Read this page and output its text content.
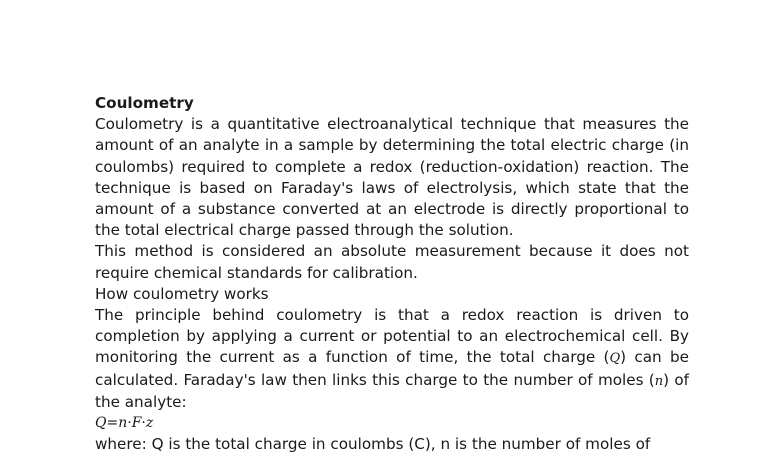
Coulometry

Coulometry is a quantitative electroanalytical technique that measures the amount of an analyte in a sample by determining the total electric charge (in coulombs) required to complete a redox (reduction-oxidation) reaction. The technique is based on Faraday's laws of electrolysis, which state that the amount of a substance converted at an electrode is directly proportional to the total electrical charge passed through the solution.

This method is considered an absolute measurement because it does not require chemical standards for calibration.

How coulometry works

The principle behind coulometry is that a redox reaction is driven to completion by applying a current or potential to an electrochemical cell. By monitoring the current as a function of time, the total charge (Q) can be calculated. Faraday's law then links this charge to the number of moles (n) of the analyte:

Q=n·F·z

where: Q is the total charge in coulombs (C), n is the number of moles of
